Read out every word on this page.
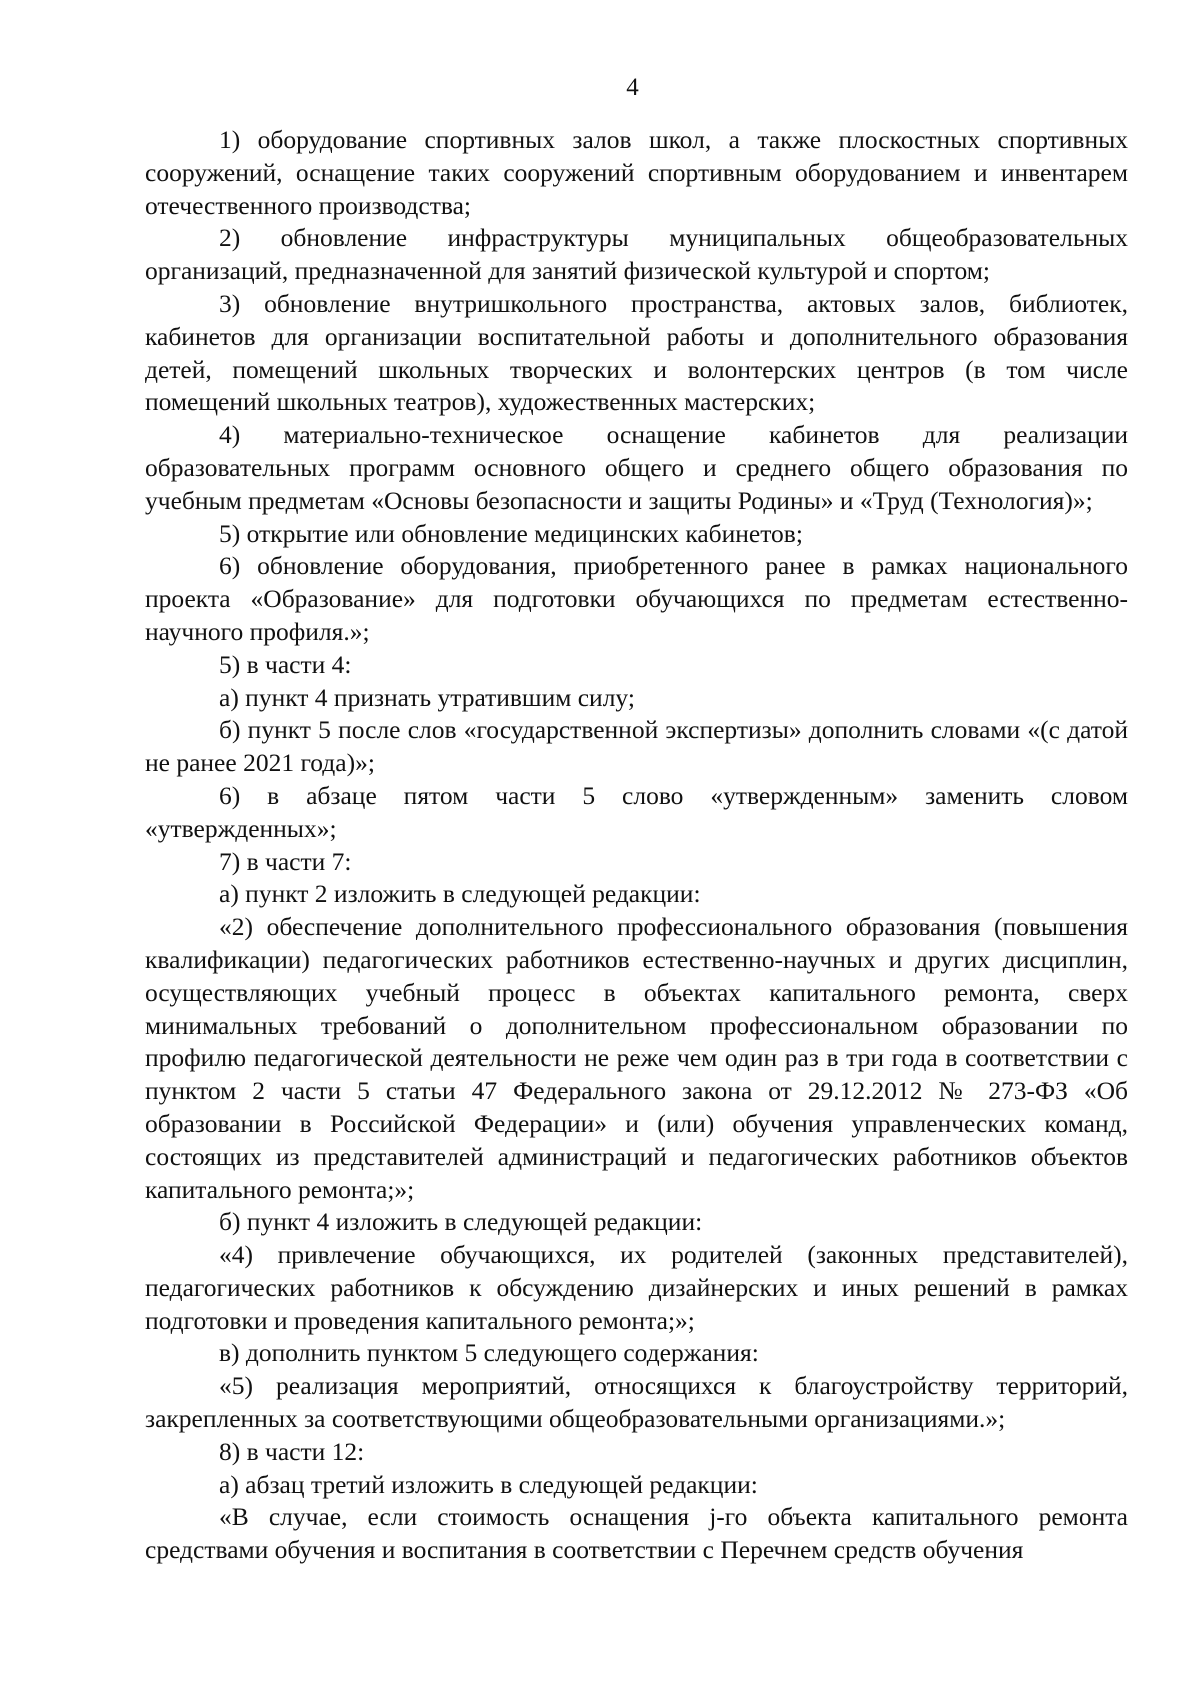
4

1) оборудование спортивных залов школ, а также плоскостных спортивных сооружений, оснащение таких сооружений спортивным оборудованием и инвентарем отечественного производства;

2) обновление инфраструктуры муниципальных общеобразовательных организаций, предназначенной для занятий физической культурой и спортом;

3) обновление внутришкольного пространства, актовых залов, библиотек, кабинетов для организации воспитательной работы и дополнительного образования детей, помещений школьных творческих и волонтерских центров (в том числе помещений школьных театров), художественных мастерских;

4) материально-техническое оснащение кабинетов для реализации образовательных программ основного общего и среднего общего образования по учебным предметам «Основы безопасности и защиты Родины» и «Труд (Технология)»;

5) открытие или обновление медицинских кабинетов;

6) обновление оборудования, приобретенного ранее в рамках национального проекта «Образование» для подготовки обучающихся по предметам естественно-научного профиля.»;

5) в части 4:

а) пункт 4 признать утратившим силу;

б) пункт 5 после слов «государственной экспертизы» дополнить словами «(с датой не ранее 2021 года)»;

6) в абзаце пятом части 5 слово «утвержденным» заменить словом «утвержденных»;

7) в части 7:

а) пункт 2 изложить в следующей редакции:

«2) обеспечение дополнительного профессионального образования (повышения квалификации) педагогических работников естественно-научных и других дисциплин, осуществляющих учебный процесс в объектах капитального ремонта, сверх минимальных требований о дополнительном профессиональном образовании по профилю педагогической деятельности не реже чем один раз в три года в соответствии с пунктом 2 части 5 статьи 47 Федерального закона от 29.12.2012 № 273-ФЗ «Об образовании в Российской Федерации» и (или) обучения управленческих команд, состоящих из представителей администраций и педагогических работников объектов капитального ремонта;»;

б) пункт 4 изложить в следующей редакции:

«4) привлечение обучающихся, их родителей (законных представителей), педагогических работников к обсуждению дизайнерских и иных решений в рамках подготовки и проведения капитального ремонта;»;

в) дополнить пунктом 5 следующего содержания:

«5) реализация мероприятий, относящихся к благоустройству территорий, закрепленных за соответствующими общеобразовательными организациями.»;

8) в части 12:

а) абзац третий изложить в следующей редакции:

«В случае, если стоимость оснащения j-го объекта капитального ремонта средствами обучения и воспитания в соответствии с Перечнем средств обучения
